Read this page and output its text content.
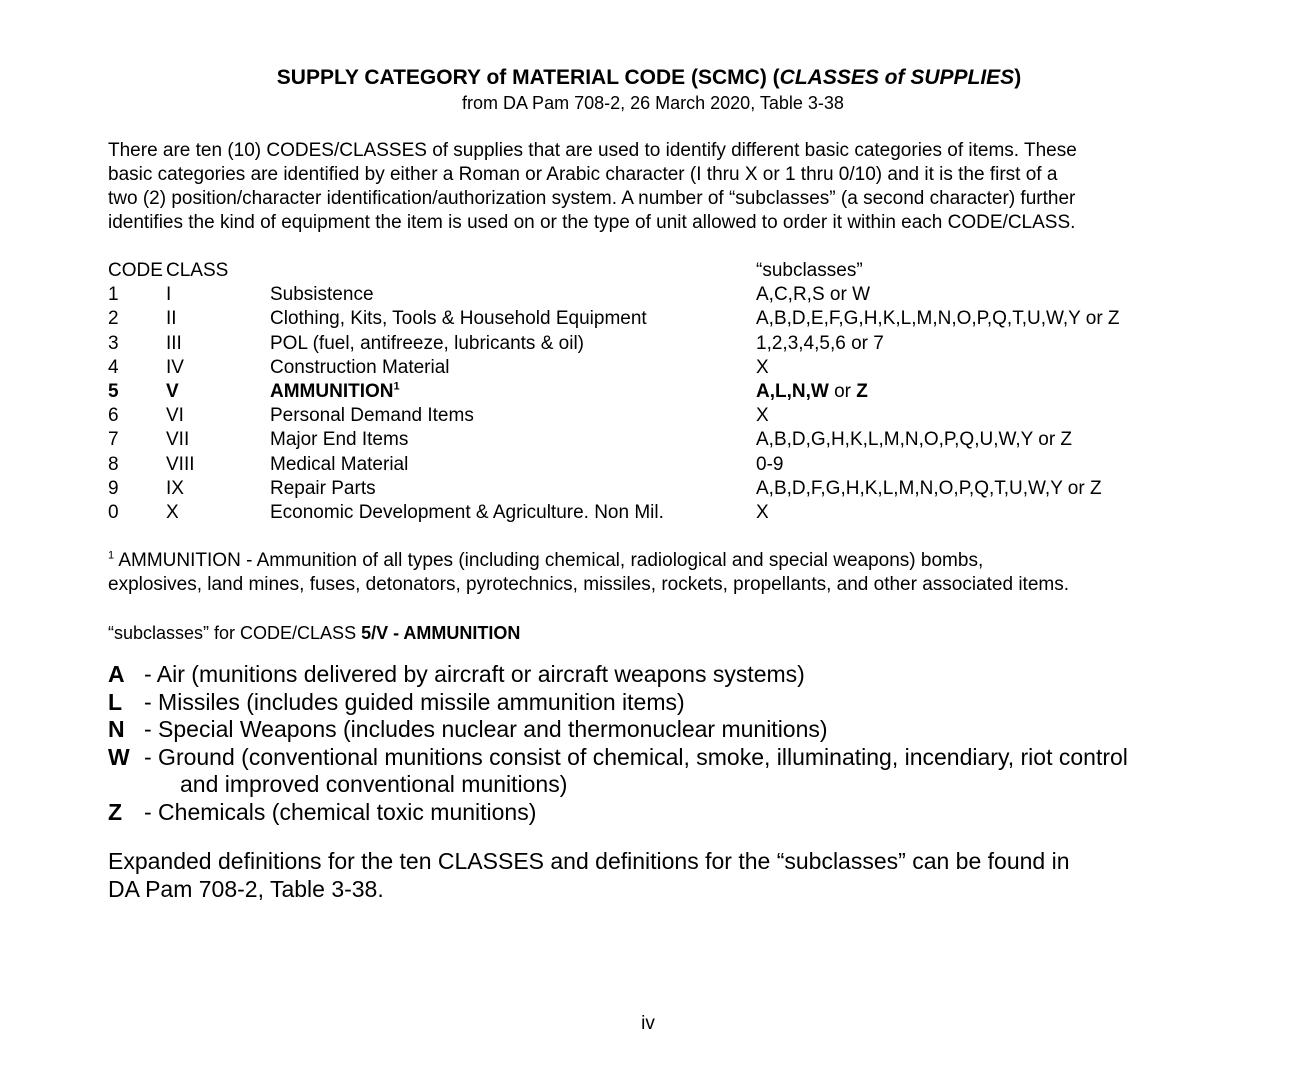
SUPPLY CATEGORY of MATERIAL CODE (SCMC) (CLASSES of SUPPLIES)
from DA Pam 708-2, 26 March 2020, Table 3-38

There are ten (10) CODES/CLASSES of supplies that are used to identify different basic categories of items. These

basic categories are identified by either a Roman or Arabic character (I thru X or 1 thru 0/10) and it is the first of a

two (2) position/character identification/authorization system. A number of “subclasses” (a second character) further

identifies the kind of equipment the item is used on or the type of unit allowed to order it within each CODE/CLASS.

CODE	CLASS		“subclasses”
1	I	Subsistence	A,C,R,S or W
2	II	Clothing, Kits, Tools & Household Equipment	A,B,D,E,F,G,H,K,L,M,N,O,P,Q,T,U,W,Y or Z
3	III	POL (fuel, antifreeze, lubricants & oil)	1,2,3,4,5,6 or 7
4	IV	Construction Material	X
5	V	AMMUNITION$^1$	A,L,N,W or Z
6	VI	Personal Demand Items	X
7	VII	Major End Items	A,B,D,G,H,K,L,M,N,O,P,Q,U,W,Y or Z
8	VIII	Medical Material	0-9
9	IX	Repair Parts	A,B,D,F,G,H,K,L,M,N,O,P,Q,T,U,W,Y or Z
0	X	Economic Development & Agriculture. Non Mil.	X

$^1$ AMMUNITION - Ammunition of all types (including chemical, radiological and special weapons) bombs,

explosives, land mines, fuses, detonators, pyrotechnics, missiles, rockets, propellants, and other associated items.

“subclasses” for CODE/CLASS 5/V - AMMUNITION
A - Air (munitions delivered by aircraft or aircraft weapons systems)
L - Missiles (includes guided missile ammunition items)
N - Special Weapons (includes nuclear and thermonuclear munitions)
W - Ground (conventional munitions consist of chemical, smoke, illuminating, incendiary, riot control
and improved conventional munitions)
Z - Chemicals (chemical toxic munitions)

Expanded definitions for the ten CLASSES and definitions for the “subclasses” can be found in

DA Pam 708-2, Table 3-38.

iv
